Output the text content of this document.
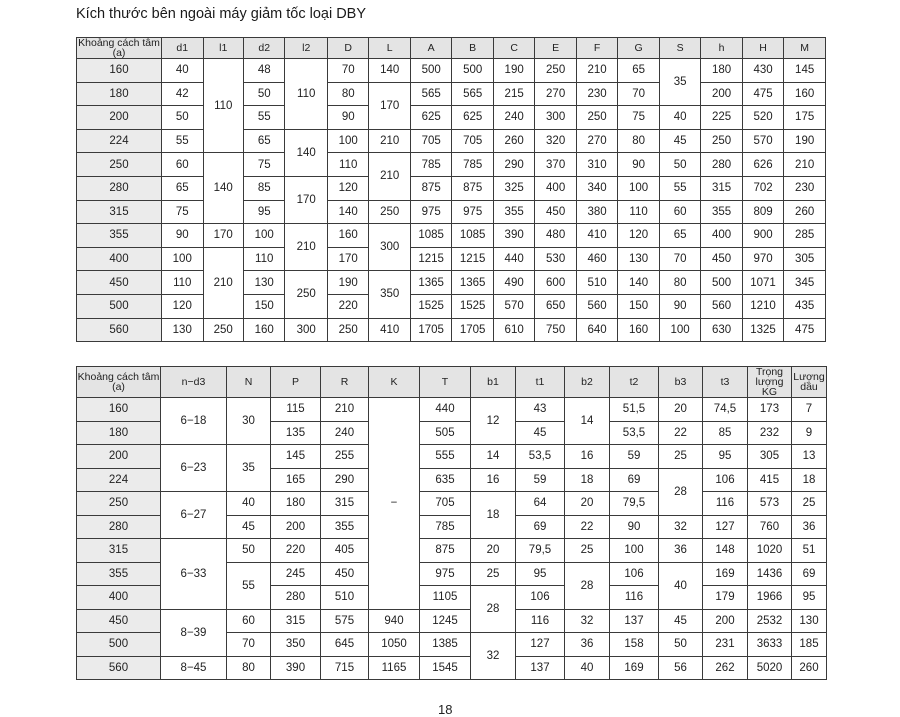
Kích thước bên ngoài máy giảm tốc loại DBY
Khoảng cách tâm (a)	d1	l1	d2	l2	D	L	A	B	C	E	F	G	S	h	H	M
160	40	110	48	110	70	140	500	500	190	250	210	65	35	180	430	145
180	42		50		80	170	565	565	215	270	230	70		200	475	160
200	50		55		90		625	625	240	300	250	75	40	225	520	175
224	55		65	140	100	210	705	705	260	320	270	80	45	250	570	190
250	60	140	75		110	210	785	785	290	370	310	90	50	280	626	210
280	65		85	170	120		875	875	325	400	340	100	55	315	702	230
315	75		95		140	250	975	975	355	450	380	110	60	355	809	260
355	90	170	100	210	160	300	1085	1085	390	480	410	120	65	400	900	285
400	100	210	110		170		1215	1215	440	530	460	130	70	450	970	305
450	110		130	250	190	350	1365	1365	490	600	510	140	80	500	1071	345
500	120		150		220		1525	1525	570	650	560	150	90	560	1210	435
560	130	250	160	300	250	410	1705	1705	610	750	640	160	100	630	1325	475
Khoảng cách tâm (a)	n−d3	N	P	R	K	T	b1	t1	b2	t2	b3	t3	Trọng lượng KG	Lượng dầu
160	6−18	30	115	210	−	440	12	43	14	51,5	20	74,5	173	7
180			135	240		505		45		53,5	22	85	232	9
200	6−23	35	145	255		555	14	53,5	16	59	25	95	305	13
224			165	290		635	16	59	18	69	28	106	415	18
250	6−27	40	180	315		705	18	64	20	79,5		116	573	25
280		45	200	355		785		69	22	90	32	127	760	36
315	6−33	50	220	405		875	20	79,5	25	100	36	148	1020	51
355		55	245	450		975	25	95	28	106	40	169	1436	69
400			280	510		1105	28	106		116		179	1966	95
450	8−39	60	315	575	940	1245		116	32	137	45	200	2532	130
500		70	350	645	1050	1385	32	127	36	158	50	231	3633	185
560	8−45	80	390	715	1165	1545		137	40	169	56	262	5020	260
18
